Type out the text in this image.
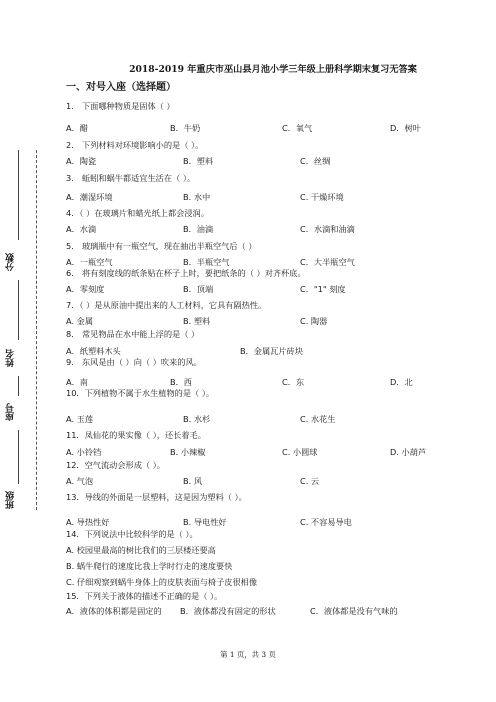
分数
姓名
座号
班级
2018-2019 年重庆市巫山县月池小学三年级上册科学期末复习无答案
一、对号入座（选择题）
1． 下面哪种物质是固体（ ）
A．醋	B．牛奶	C．氧气	D．树叶
2． 下列材料对环境影响小的是（ ）。
A．陶瓷	B．塑料	C．丝绸
3． 蚯蚓和蜗牛都适宜生活在（ ）。
A．潮湿环境	B. 水中	C. 干燥环境
4．（ ）在玻璃片和蜡光纸上都会浸润。
A．水滴	B．油滴	C．水滴和油滴
5． 玻璃瓶中有一瓶空气，现在抽出半瓶空气后（ ）
A．一瓶空气	B．半瓶空气	C．大半瓶空气
6． 将有刻度线的纸条贴在杯子上时，要把纸条的（ ）对齐杯底。
A．零刻度	B．顶端	C．"1" 刻度
7．（ ）是从原油中提出来的人工材料，它具有隔热性。
A. 金属	B. 塑料	C. 陶器
8． 常见物品在水中能上浮的是（ ）
A．纸塑料木头	B．金属瓦片砖块
9． 东风是由（ ）向（ ）吹来的风。
A．南	B．西	C．东	D．北
10．下列植物不属于水生植物的是（ ）。
A. 玉莲	B. 水杉	C. 水花生
11．凤仙花的果实像（ ），还长着毛。
A. 小铃铛	B. 小辣椒	C. 小圆球	D. 小葫芦
12．空气流动会形成（ ）。
A. 气泡	B. 风	C. 云
13．导线的外面是一层塑料，这是因为塑料（ ）。
A. 导热性好	B. 导电性好	C. 不容易导电
14．下列说法中比较科学的是（ ）。
A. 校园里最高的树比我们的三层楼还要高
B. 蜗牛爬行的速度比我上学时行走的速度要快
C. 仔细观察到蜗牛身体上的皮肤表面与椅子皮很相像
15．下列关于液体的描述不正确的是（ ）。
A．液体的体积都是固定的 B．液体都没有固定的形状	C．液体都是没有气味的
第 1 页，共 3 页
